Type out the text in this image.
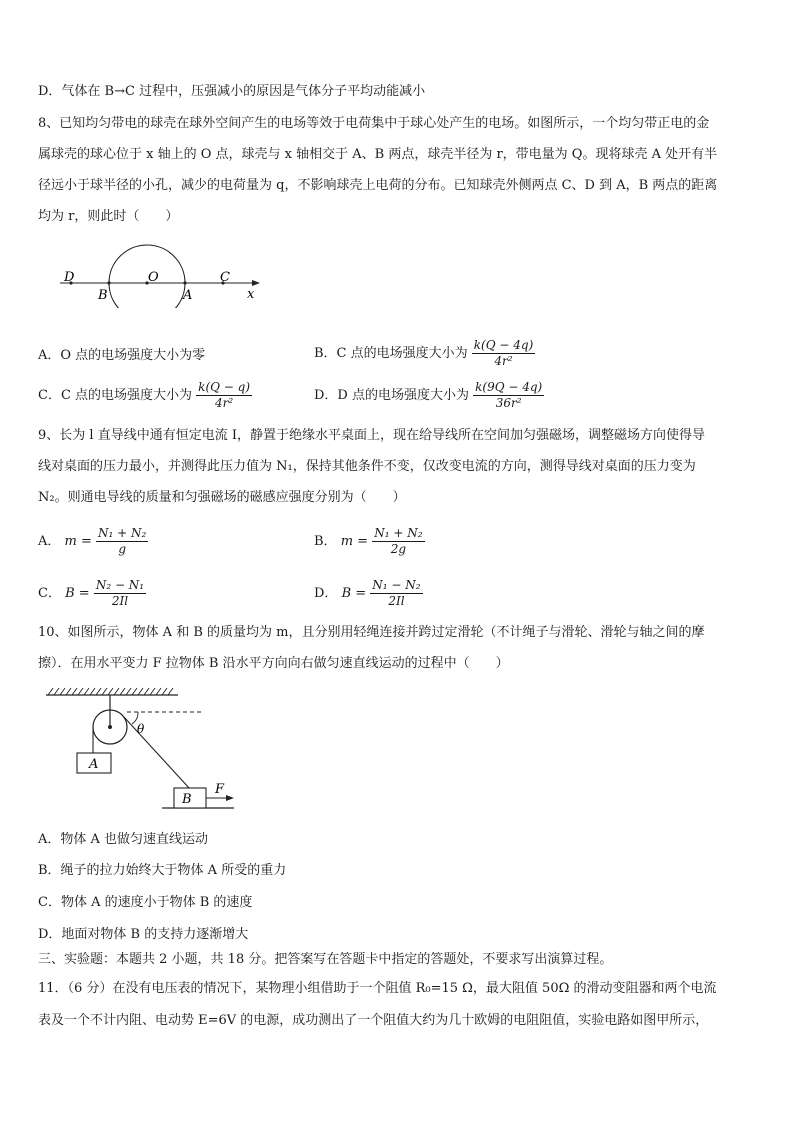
D．气体在 B→C 过程中，压强减小的原因是气体分子平均动能减小
8、已知均匀带电的球壳在球外空间产生的电场等效于电荷集中于球心处产生的电场。如图所示，一个均匀带正电的金
属球壳的球心位于 x 轴上的 O 点，球壳与 x 轴相交于 A、B 两点，球壳半径为 r，带电量为 Q。现将球壳 A 处开有半
径远小于球半径的小孔，减少的电荷量为 q，不影响球壳上电荷的分布。已知球壳外侧两点 C、D 到 A，B 两点的距离
均为 r，则此时（　　）
D	O	C
B	A	x
A．O 点的电场强度大小为零	B．C 点的电场强度大小为 $\frac{k(Q - 4q)}{\text{4r²}}$
C．C 点的电场强度大小为 $\frac{k(Q - q)}{\text{4r²}}$	D．D 点的电场强度大小为 $\frac{k(9Q - 4q)}{\text{36r²}}$
9、长为 l 直导线中通有恒定电流 I，静置于绝缘水平桌面上，现在给导线所在空间加匀强磁场，调整磁场方向使得导
线对桌面的压力最小，并测得此压力值为 N₁，保持其他条件不变，仅改变电流的方向，测得导线对桌面的压力变为
N₂。则通电导线的质量和匀强磁场的磁感应强度分别为（　　）
A． $m = \frac{\text{N₁ + N₂}}{g}$	B． $m = \frac{\text{N₁ + N₂}}{2g}$
C． $B = \frac{\text{N₂ − N₁}}{2Il}$	D． $B = \frac{\text{N₁ − N₂}}{2Il}$
10、如图所示，物体 A 和 B 的质量均为 m，且分别用轻绳连接并跨过定滑轮（不计绳子与滑轮、滑轮与轴之间的摩
擦）．在用水平变力 F 拉物体 B 沿水平方向向右做匀速直线运动的过程中（　　）
A
θ
B
F
A．物体 A 也做匀速直线运动
B．绳子的拉力始终大于物体 A 所受的重力
C．物体 A 的速度小于物体 B 的速度
D．地面对物体 B 的支持力逐渐增大
三、实验题：本题共 2 小题，共 18 分。把答案写在答题卡中指定的答题处，不要求写出演算过程。
11．（6 分）在没有电压表的情况下，某物理小组借助于一个阻值 R₀=15 Ω，最大阻值 50Ω 的滑动变阻器和两个电流
表及一个不计内阻、电动势 E=6V 的电源，成功测出了一个阻值大约为几十欧姆的电阻阻值，实验电路如图甲所示，
